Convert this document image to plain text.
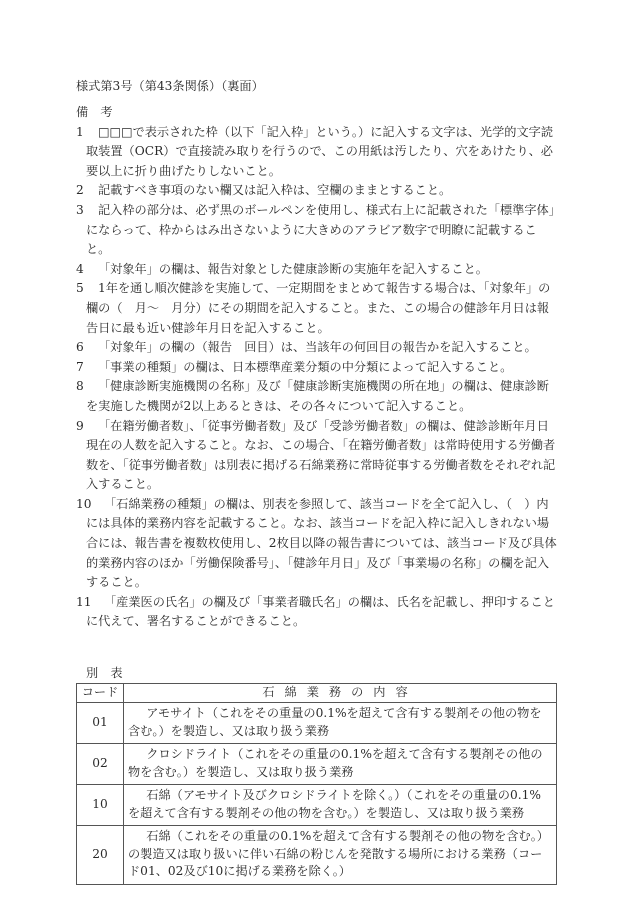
様式第3号（第43条関係）（裏面）
備　考
1 □□□で表示された枠（以下「記入枠」という。）に記入する文字は、光学的文字読取装置（OCR）で直接読み取りを行うので、この用紙は汚したり、穴をあけたり、必要以上に折り曲げたりしないこと。
2 記載すべき事項のない欄又は記入枠は、空欄のままとすること。
3 記入枠の部分は、必ず黒のボールペンを使用し、様式右上に記載された「標準字体」にならって、枠からはみ出さないように大きめのアラビア数字で明瞭に記載すること。
4 「対象年」の欄は、報告対象とした健康診断の実施年を記入すること。
5 1年を通し順次健診を実施して、一定期間をまとめて報告する場合は、「対象年」の欄の（　月～　月分）にその期間を記入すること。また、この場合の健診年月日は報告日に最も近い健診年月日を記入すること。
6 「対象年」の欄の（報告　回目）は、当該年の何回目の報告かを記入すること。
7 「事業の種類」の欄は、日本標準産業分類の中分類によって記入すること。
8 「健康診断実施機関の名称」及び「健康診断実施機関の所在地」の欄は、健康診断を実施した機関が2以上あるときは、その各々について記入すること。
9 「在籍労働者数」、「従事労働者数」及び「受診労働者数」の欄は、健診診断年月日現在の人数を記入すること。なお、この場合、「在籍労働者数」は常時使用する労働者数を、「従事労働者数」は別表に掲げる石綿業務に常時従事する労働者数をそれぞれ記入すること。
10 「石綿業務の種類」の欄は、別表を参照して、該当コードを全て記入し、（　）内には具体的業務内容を記載すること。なお、該当コードを記入枠に記入しきれない場合には、報告書を複数枚使用し、2枚目以降の報告書については、該当コード及び具体的業務内容のほか「労働保険番号」、「健診年月日」及び「事業場の名称」の欄を記入すること。
11 「産業医の氏名」の欄及び「事業者職氏名」の欄は、氏名を記載し、押印することに代えて、署名することができること。
別　表
コード	石綿業務の内容
01	アモサイト（これをその重量の0.1%を超えて含有する製剤その他の物を含む。）を製造し、又は取り扱う業務
02	クロシドライト（これをその重量の0.1%を超えて含有する製剤その他の物を含む。）を製造し、又は取り扱う業務
10	石綿（アモサイト及びクロシドライトを除く。）（これをその重量の0.1%を超えて含有する製剤その他の物を含む。）を製造し、又は取り扱う業務
20	石綿（これをその重量の0.1%を超えて含有する製剤その他の物を含む。）の製造又は取り扱いに伴い石綿の粉じんを発散する場所における業務（コード01、02及び10に掲げる業務を除く。）
